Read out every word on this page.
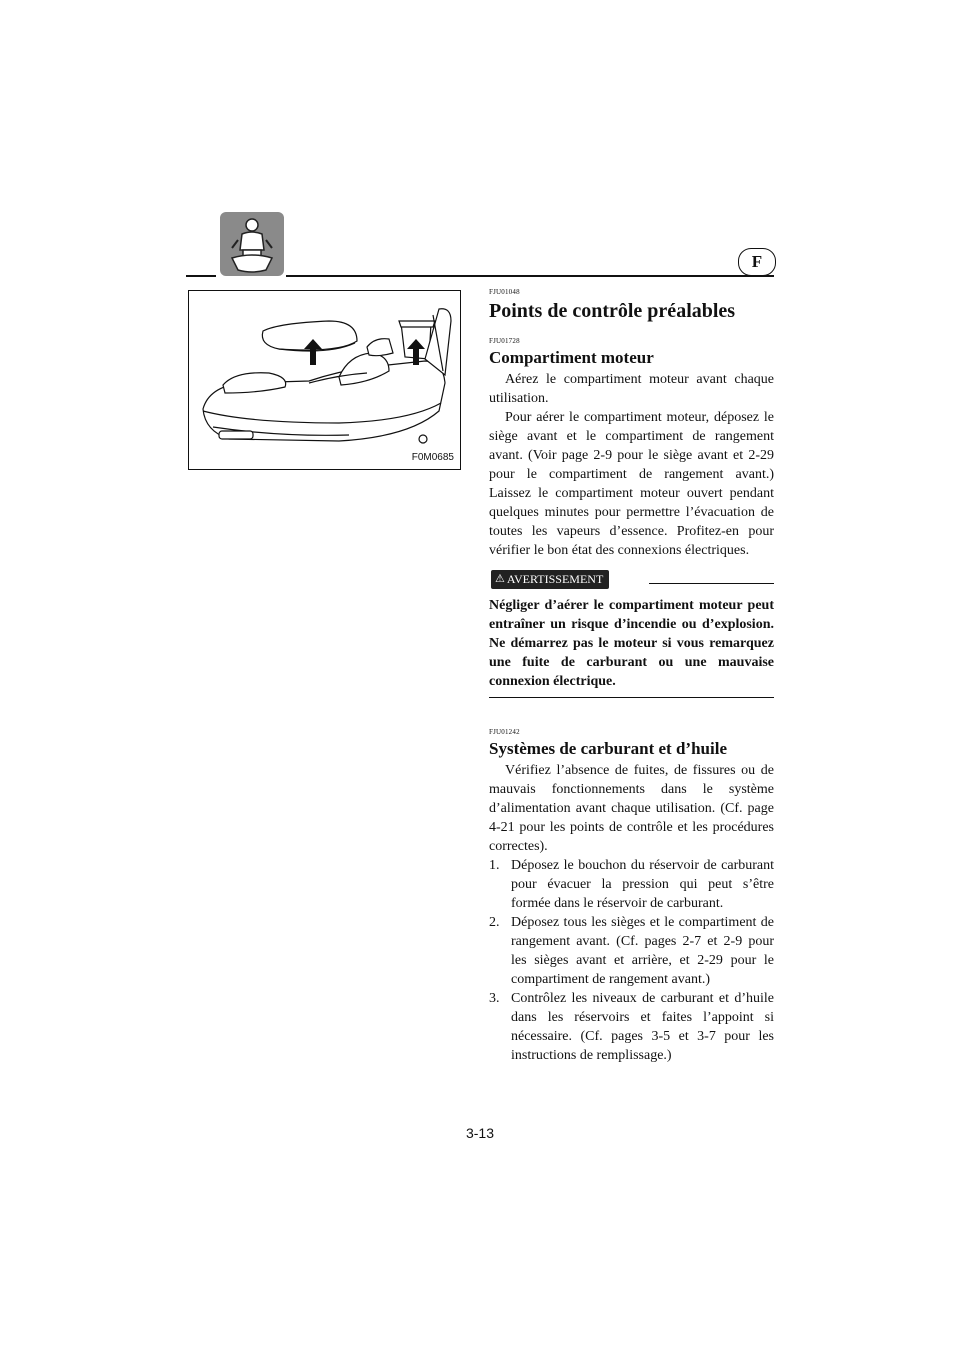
F
F0M0685

FJU01048

Points de contrôle préalables

FJU01728

Compartiment moteur

Aérez le compartiment moteur avant chaque utilisation.

Pour aérer le compartiment moteur, déposez le siège avant et le compartiment de rangement avant. (Voir page 2-9 pour le siège avant et 2-29 pour le compartiment de rangement avant.) Laissez le compartiment moteur ouvert pendant quelques minutes pour permettre l’évacuation de toutes les vapeurs d’essence. Profitez-en pour vérifier le bon état des connexions électriques.

⚠ AVERTISSEMENT

Négliger d’aérer le compartiment moteur peut entraîner un risque d’incendie ou d’explosion. Ne démarrez pas le moteur si vous remarquez une fuite de carburant ou une mauvaise connexion électrique.

FJU01242

Systèmes de carburant et d’huile

Vérifiez l’absence de fuites, de fissures ou de mauvais fonctionnements dans le système d’alimentation avant chaque utilisation. (Cf. page 4-21 pour les points de contrôle et les procédures correctes).

1. Déposez le bouchon du réservoir de carburant pour évacuer la pression qui peut s’être formée dans le réservoir de carburant.
2. Déposez tous les sièges et le compartiment de rangement avant. (Cf. pages 2-7 et 2-9 pour les sièges avant et arrière, et 2-29 pour le compartiment de rangement avant.)
3. Contrôlez les niveaux de carburant et d’huile dans les réservoirs et faites l’appoint si nécessaire. (Cf. pages 3-5 et 3-7 pour les instructions de remplissage.)
3-13
